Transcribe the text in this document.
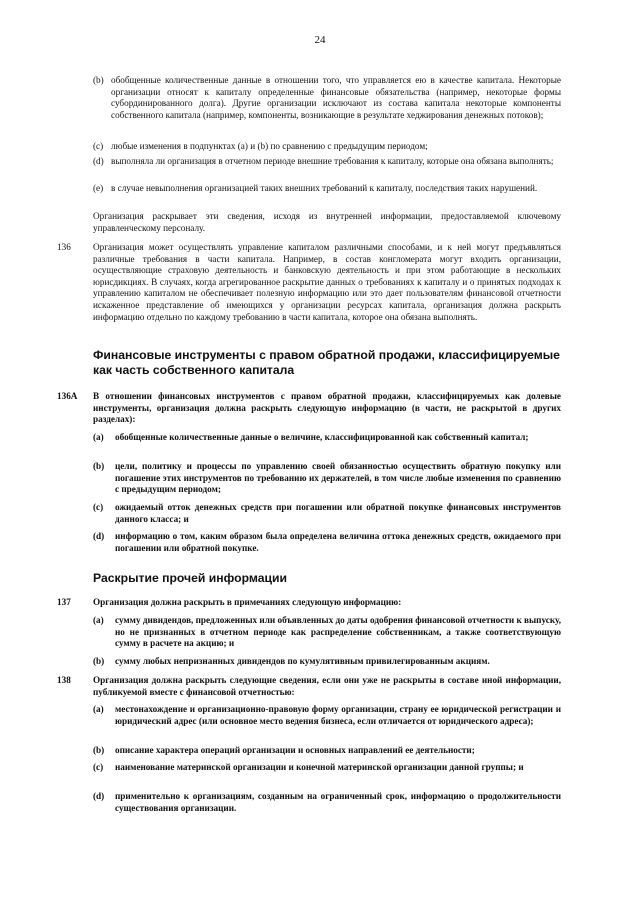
24
(b) обобщенные количественные данные в отношении того, что управляется ею в качестве капитала. Некоторые организации относят к капиталу определенные финансовые обязательства (например, некоторые формы субординированного долга). Другие организации исключают из состава капитала некоторые компоненты собственного капитала (например, компоненты, возникающие в результате хеджирования денежных потоков);
(c) любые изменения в подпунктах (a) и (b) по сравнению с предыдущим периодом;
(d) выполняла ли организация в отчетном периоде внешние требования к капиталу, которые она обязана выполнять;
(e) в случае невыполнения организацией таких внешних требований к капиталу, последствия таких нарушений.
Организация раскрывает эти сведения, исходя из внутренней информации, предоставляемой ключевому управленческому персоналу.
136 Организация может осуществлять управление капиталом различными способами, и к ней могут предъявляться различные требования в части капитала. Например, в состав конгломерата могут входить организации, осуществляющие страховую деятельность и банковскую деятельность и при этом работающие в нескольких юрисдикциях. В случаях, когда агрегированное раскрытие данных о требованиях к капиталу и о принятых подходах к управлению капиталом не обеспечивает полезную информацию или это дает пользователям финансовой отчетности искаженное представление об имеющихся у организации ресурсах капитала, организация должна раскрыть информацию отдельно по каждому требованию в части капитала, которое она обязана выполнять.
Финансовые инструменты с правом обратной продажи, классифицируемые как часть собственного капитала
136A В отношении финансовых инструментов с правом обратной продажи, классифицируемых как долевые инструменты, организация должна раскрыть следующую информацию (в части, не раскрытой в других разделах):
(a) обобщенные количественные данные о величине, классифицированной как собственный капитал;
(b) цели, политику и процессы по управлению своей обязанностью осуществить обратную покупку или погашение этих инструментов по требованию их держателей, в том числе любые изменения по сравнению с предыдущим периодом;
(c) ожидаемый отток денежных средств при погашении или обратной покупке финансовых инструментов данного класса; и
(d) информацию о том, каким образом была определена величина оттока денежных средств, ожидаемого при погашении или обратной покупке.
Раскрытие прочей информации
137 Организация должна раскрыть в примечаниях следующую информацию:
(a) сумму дивидендов, предложенных или объявленных до даты одобрения финансовой отчетности к выпуску, но не признанных в отчетном периоде как распределение собственникам, а также соответствующую сумму в расчете на акцию; и
(b) сумму любых непризнанных дивидендов по кумулятивным привилегированным акциям.
138 Организация должна раскрыть следующие сведения, если они уже не раскрыты в составе иной информации, публикуемой вместе с финансовой отчетностью:
(a) местонахождение и организационно-правовую форму организации, страну ее юридической регистрации и юридический адрес (или основное место ведения бизнеса, если отличается от юридического адреса);
(b) описание характера операций организации и основных направлений ее деятельности;
(c) наименование материнской организации и конечной материнской организации данной группы; и
(d) применительно к организациям, созданным на ограниченный срок, информацию о продолжительности существования организации.
